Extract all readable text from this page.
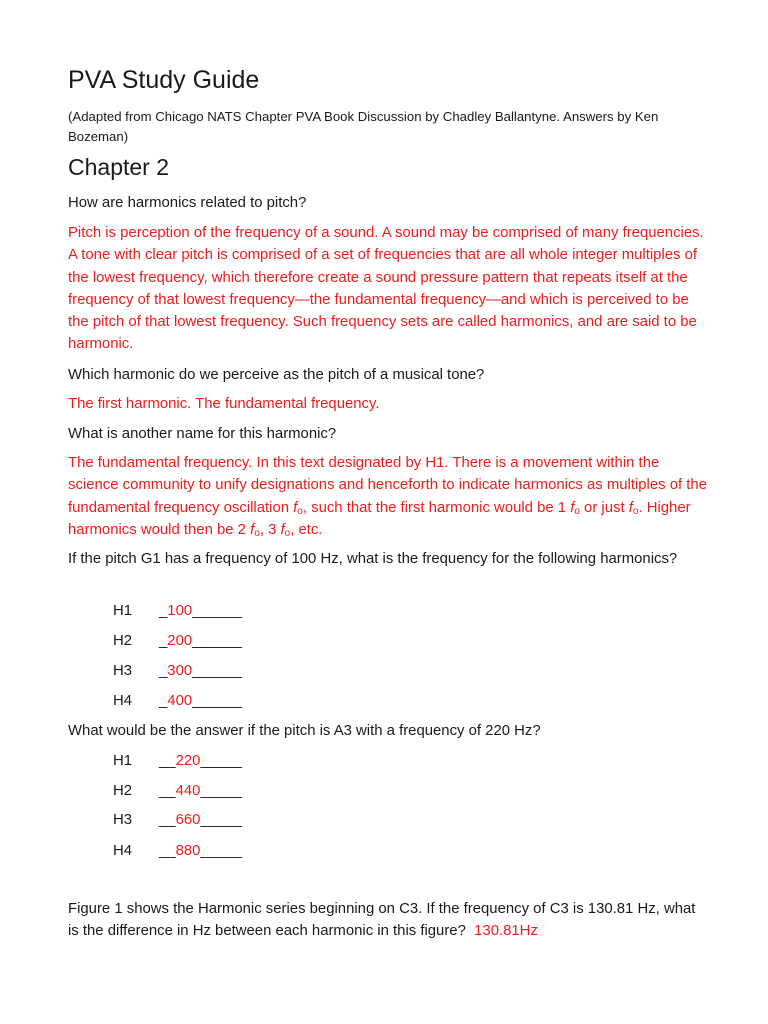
PVA Study Guide
(Adapted from Chicago NATS Chapter PVA Book Discussion by Chadley Ballantyne. Answers by Ken Bozeman)
Chapter 2

How are harmonics related to pitch?

Pitch is perception of the frequency of a sound. A sound may be comprised of many frequencies. A tone with clear pitch is comprised of a set of frequencies that are all whole integer multiples of the lowest frequency, which therefore create a sound pressure pattern that repeats itself at the frequency of that lowest frequency—the fundamental frequency—and which is perceived to be the pitch of that lowest frequency. Such frequency sets are called harmonics, and are said to be harmonic.

Which harmonic do we perceive as the pitch of a musical tone?

The first harmonic. The fundamental frequency.

What is another name for this harmonic?

The fundamental frequency. In this text designated by H1. There is a movement within the science community to unify designations and henceforth to indicate harmonics as multiples of the fundamental frequency oscillation $f_o$, such that the first harmonic would be 1 $f_o$ or just $f_o$. Higher harmonics would then be 2 $f_o$, 3 $f_o$, etc.

If the pitch G1 has a frequency of 100 Hz, what is the frequency for the following harmonics?

H1 _100______
H2 _200______
H3 _300______
H4 _400______

What would be the answer if the pitch is A3 with a frequency of 220 Hz?

H1 __220_____
H2 __440_____
H3 __660_____
H4 __880_____

Figure 1 shows the Harmonic series beginning on C3. If the frequency of C3 is 130.81 Hz, what is the difference in Hz between each harmonic in this figure? 130.81Hz
